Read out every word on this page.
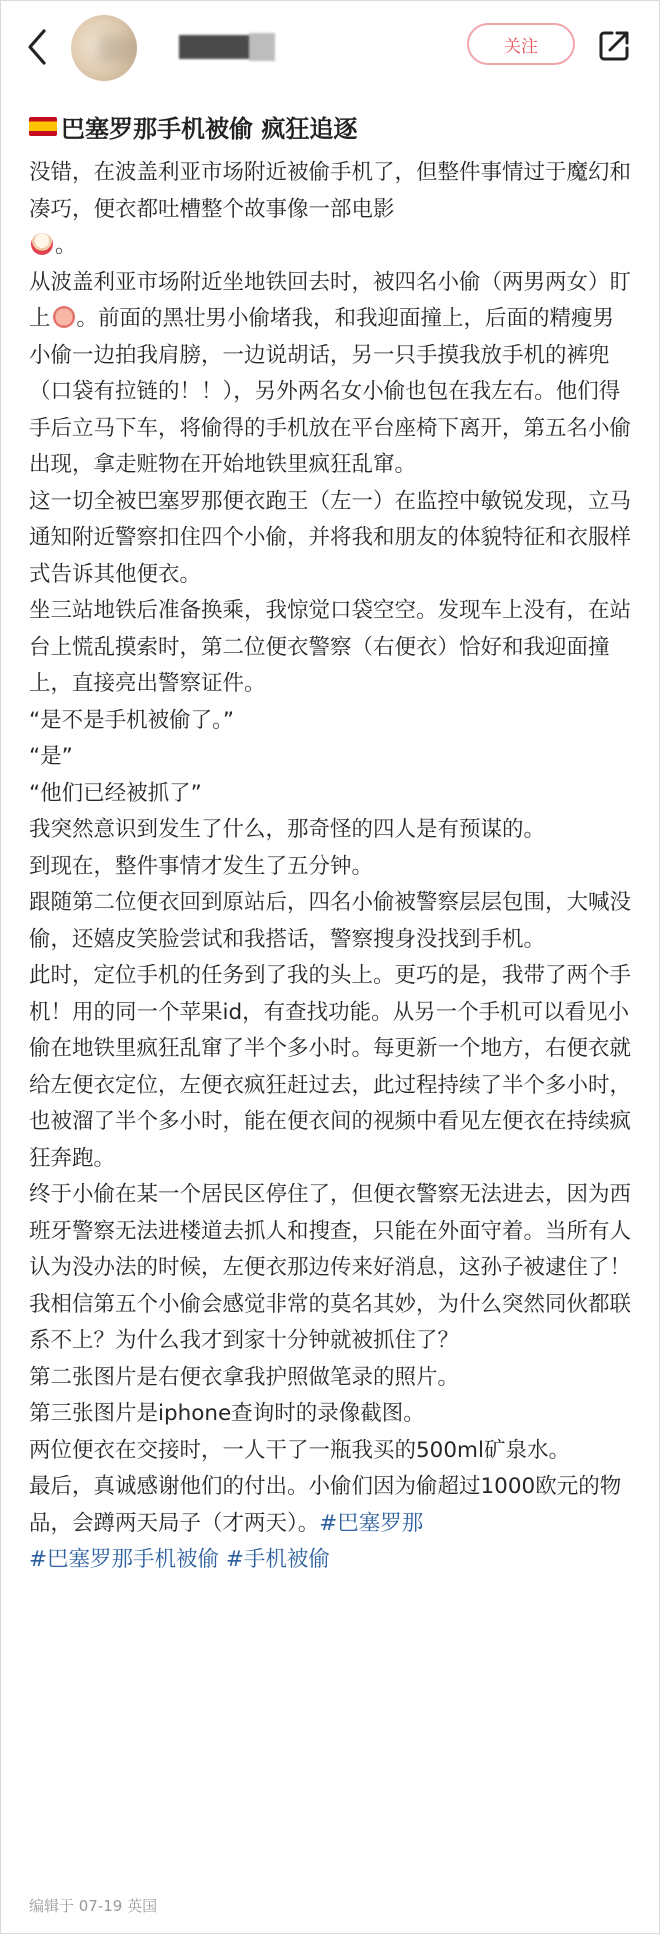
关注
巴塞罗那手机被偷 疯狂追逐

没错，在波盖利亚市场附近被偷手机了，但整件事情过于魔幻和凑巧，便衣都吐槽整个故事像一部电影
。

从波盖利亚市场附近坐地铁回去时，被四名小偷（两男两女）盯上 。前面的黑壮男小偷堵我，和我迎面撞上，后面的精瘦男小偷一边拍我肩膀，一边说胡话，另一只手摸我放手机的裤兜（口袋有拉链的！！），另外两名女小偷也包在我左右。他们得手后立马下车，将偷得的手机放在平台座椅下离开，第五名小偷出现，拿走赃物在开始地铁里疯狂乱窜。

这一切全被巴塞罗那便衣跑王（左一）在监控中敏锐发现，立马通知附近警察扣住四个小偷，并将我和朋友的体貌特征和衣服样式告诉其他便衣。

坐三站地铁后准备换乘，我惊觉口袋空空。发现车上没有，在站台上慌乱摸索时，第二位便衣警察（右便衣）恰好和我迎面撞上，直接亮出警察证件。

“是不是手机被偷了。”

“是”

“他们已经被抓了”

我突然意识到发生了什么，那奇怪的四人是有预谋的。

到现在，整件事情才发生了五分钟。

跟随第二位便衣回到原站后，四名小偷被警察层层包围，大喊没偷，还嬉皮笑脸尝试和我搭话，警察搜身没找到手机。

此时，定位手机的任务到了我的头上。更巧的是，我带了两个手机！用的同一个苹果id，有查找功能。从另一个手机可以看见小偷在地铁里疯狂乱窜了半个多小时。每更新一个地方，右便衣就给左便衣定位，左便衣疯狂赶过去，此过程持续了半个多小时，也被溜了半个多小时，能在便衣间的视频中看见左便衣在持续疯狂奔跑。

终于小偷在某一个居民区停住了，但便衣警察无法进去，因为西班牙警察无法进楼道去抓人和搜查，只能在外面守着。当所有人认为没办法的时候，左便衣那边传来好消息，这孙子被逮住了！

我相信第五个小偷会感觉非常的莫名其妙，为什么突然同伙都联系不上？为什么我才到家十分钟就被抓住了？

第二张图片是右便衣拿我护照做笔录的照片。

第三张图片是iphone查询时的录像截图。

两位便衣在交接时，一人干了一瓶我买的500ml矿泉水。

最后，真诚感谢他们的付出。小偷们因为偷超过1000欧元的物品，会蹲两天局子（才两天）。#巴塞罗那

#巴塞罗那手机被偷 #手机被偷
编辑于 07-19 英国
